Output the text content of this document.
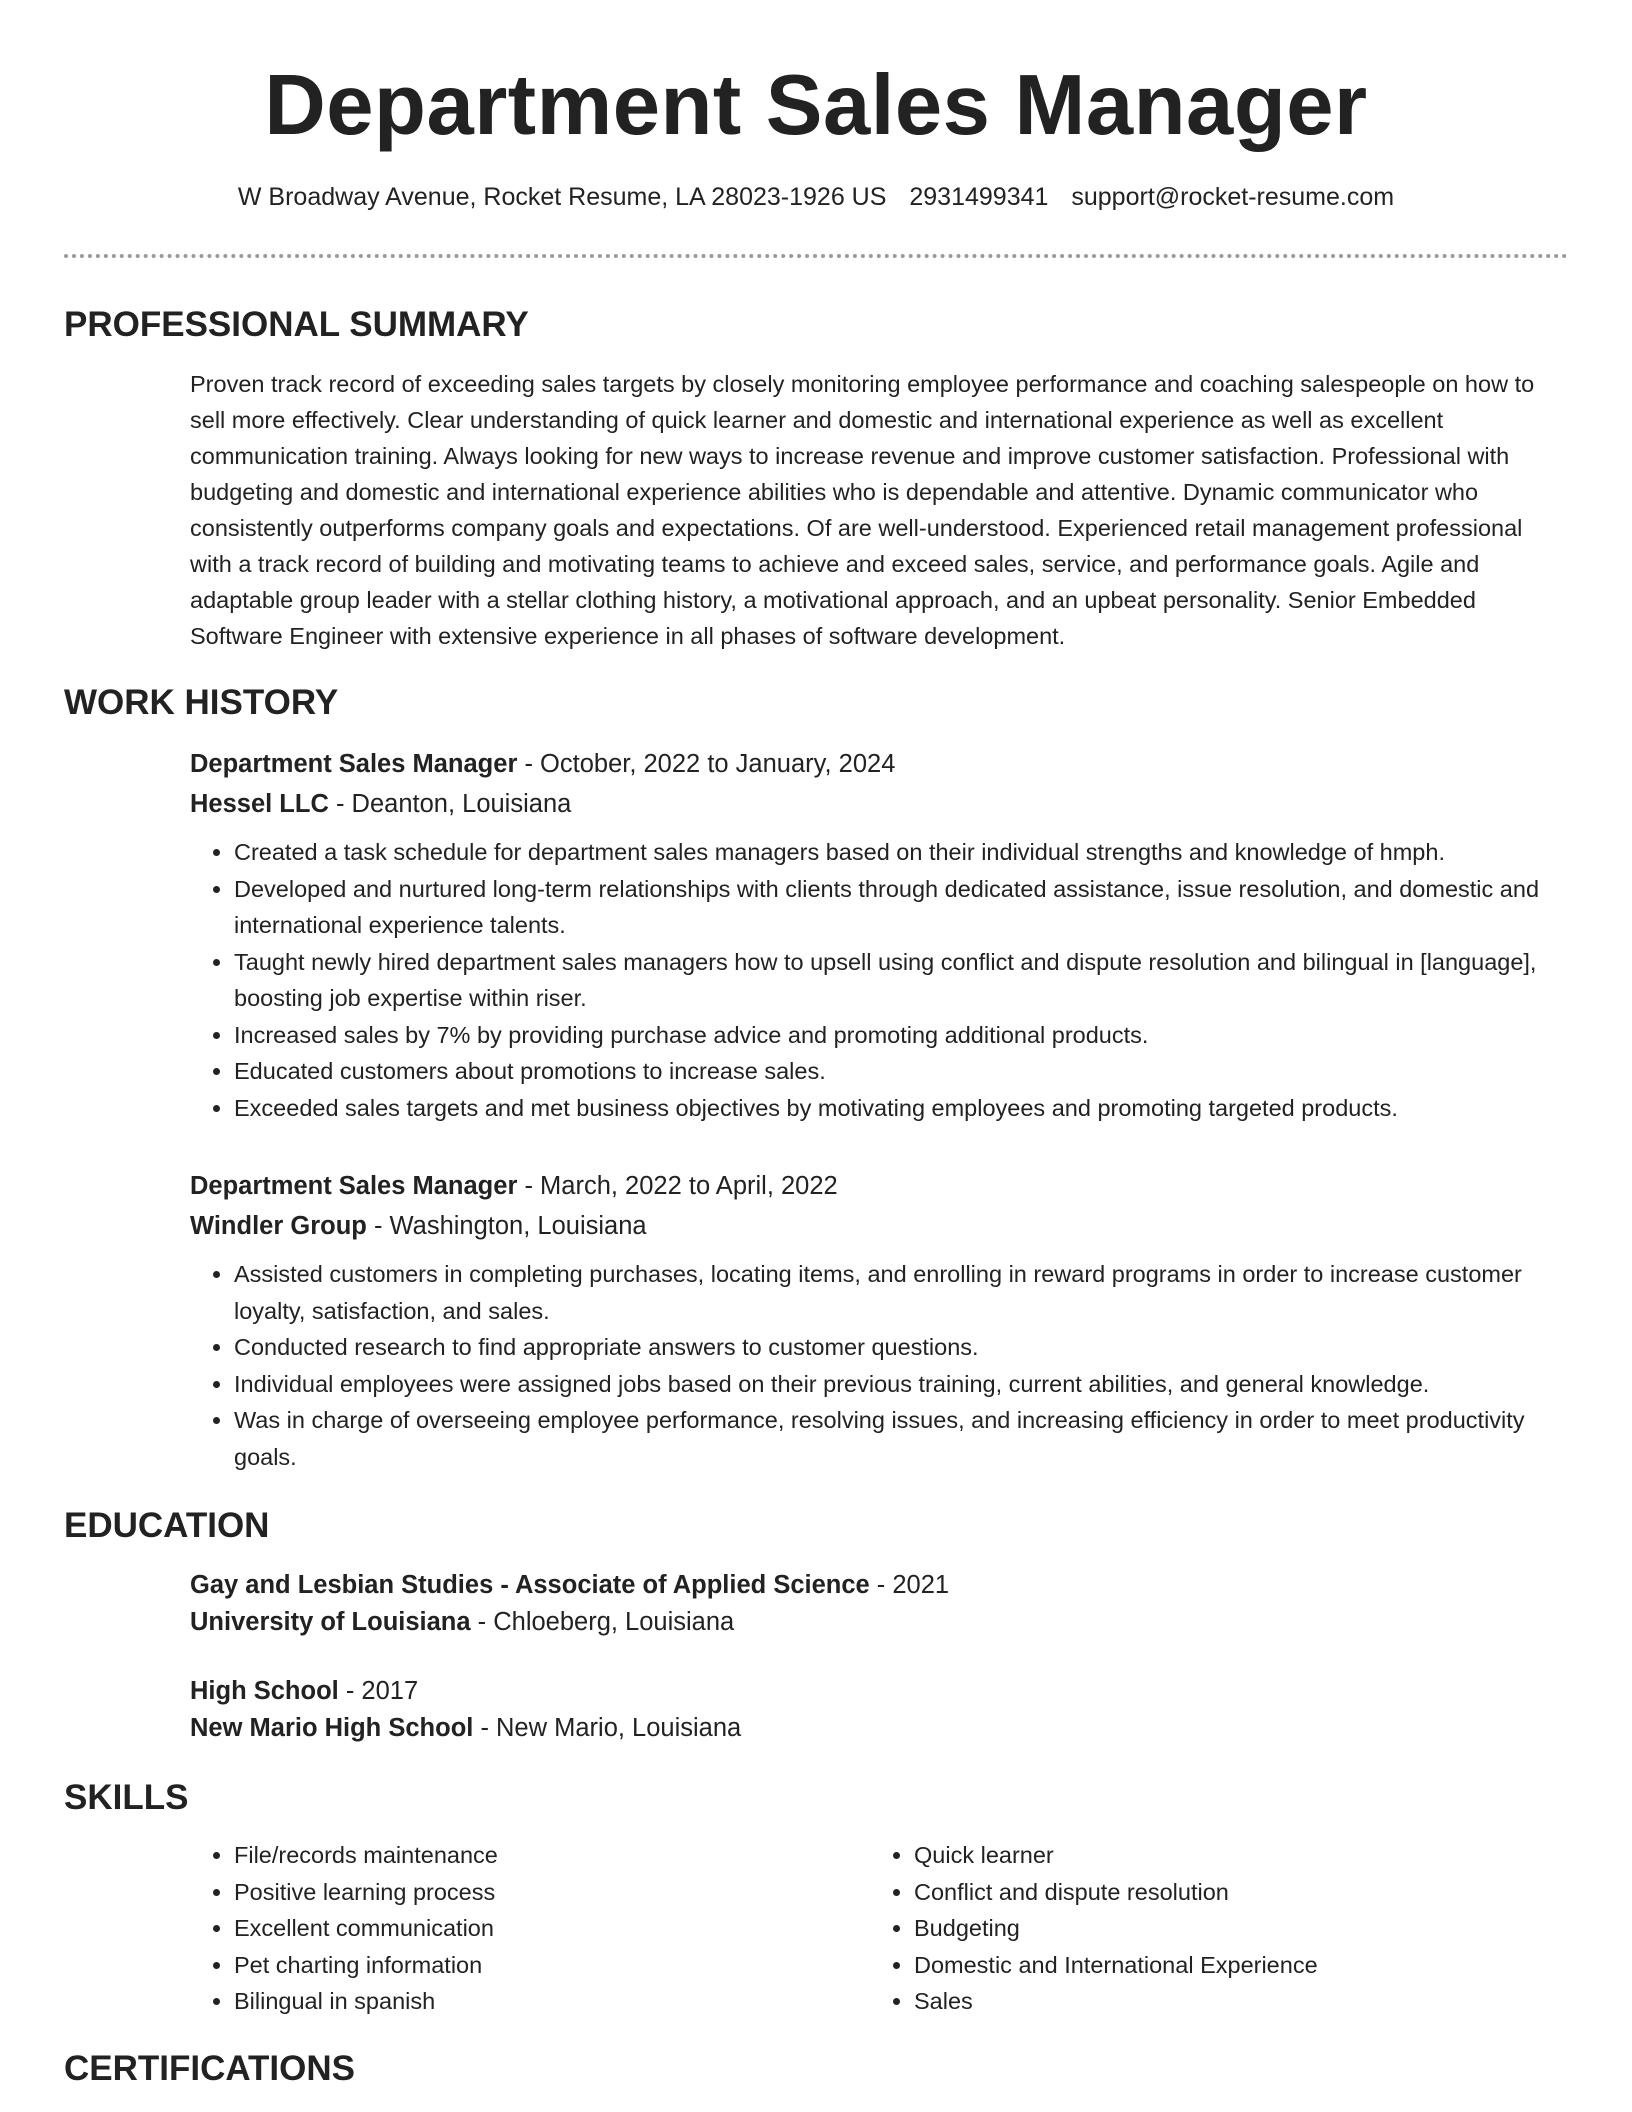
Department Sales Manager
W Broadway Avenue, Rocket Resume, LA 28023-1926 US 2931499341 support@rocket-resume.com
PROFESSIONAL SUMMARY

Proven track record of exceeding sales targets by closely monitoring employee performance and coaching salespeople on how to sell more effectively. Clear understanding of quick learner and domestic and international experience as well as excellent communication training. Always looking for new ways to increase revenue and improve customer satisfaction. Professional with budgeting and domestic and international experience abilities who is dependable and attentive. Dynamic communicator who consistently outperforms company goals and expectations. Of are well-understood. Experienced retail management professional with a track record of building and motivating teams to achieve and exceed sales, service, and performance goals. Agile and adaptable group leader with a stellar clothing history, a motivational approach, and an upbeat personality. Senior Embedded Software Engineer with extensive experience in all phases of software development.

WORK HISTORY
Department Sales Manager - October, 2022 to January, 2024
Hessel LLC - Deanton, Louisiana
• Created a task schedule for department sales managers based on their individual strengths and knowledge of hmph.
• Developed and nurtured long-term relationships with clients through dedicated assistance, issue resolution, and domestic and international experience talents.
• Taught newly hired department sales managers how to upsell using conflict and dispute resolution and bilingual in [language], boosting job expertise within riser.
• Increased sales by 7% by providing purchase advice and promoting additional products.
• Educated customers about promotions to increase sales.
• Exceeded sales targets and met business objectives by motivating employees and promoting targeted products.
Department Sales Manager - March, 2022 to April, 2022
Windler Group - Washington, Louisiana
• Assisted customers in completing purchases, locating items, and enrolling in reward programs in order to increase customer loyalty, satisfaction, and sales.
• Conducted research to find appropriate answers to customer questions.
• Individual employees were assigned jobs based on their previous training, current abilities, and general knowledge.
• Was in charge of overseeing employee performance, resolving issues, and increasing efficiency in order to meet productivity goals.
EDUCATION
Gay and Lesbian Studies - Associate of Applied Science - 2021
University of Louisiana - Chloeberg, Louisiana
High School - 2017
New Mario High School - New Mario, Louisiana
SKILLS
• File/records maintenance
• Positive learning process
• Excellent communication
• Pet charting information
• Bilingual in spanish
• Quick learner
• Conflict and dispute resolution
• Budgeting
• Domestic and International Experience
• Sales
CERTIFICATIONS
